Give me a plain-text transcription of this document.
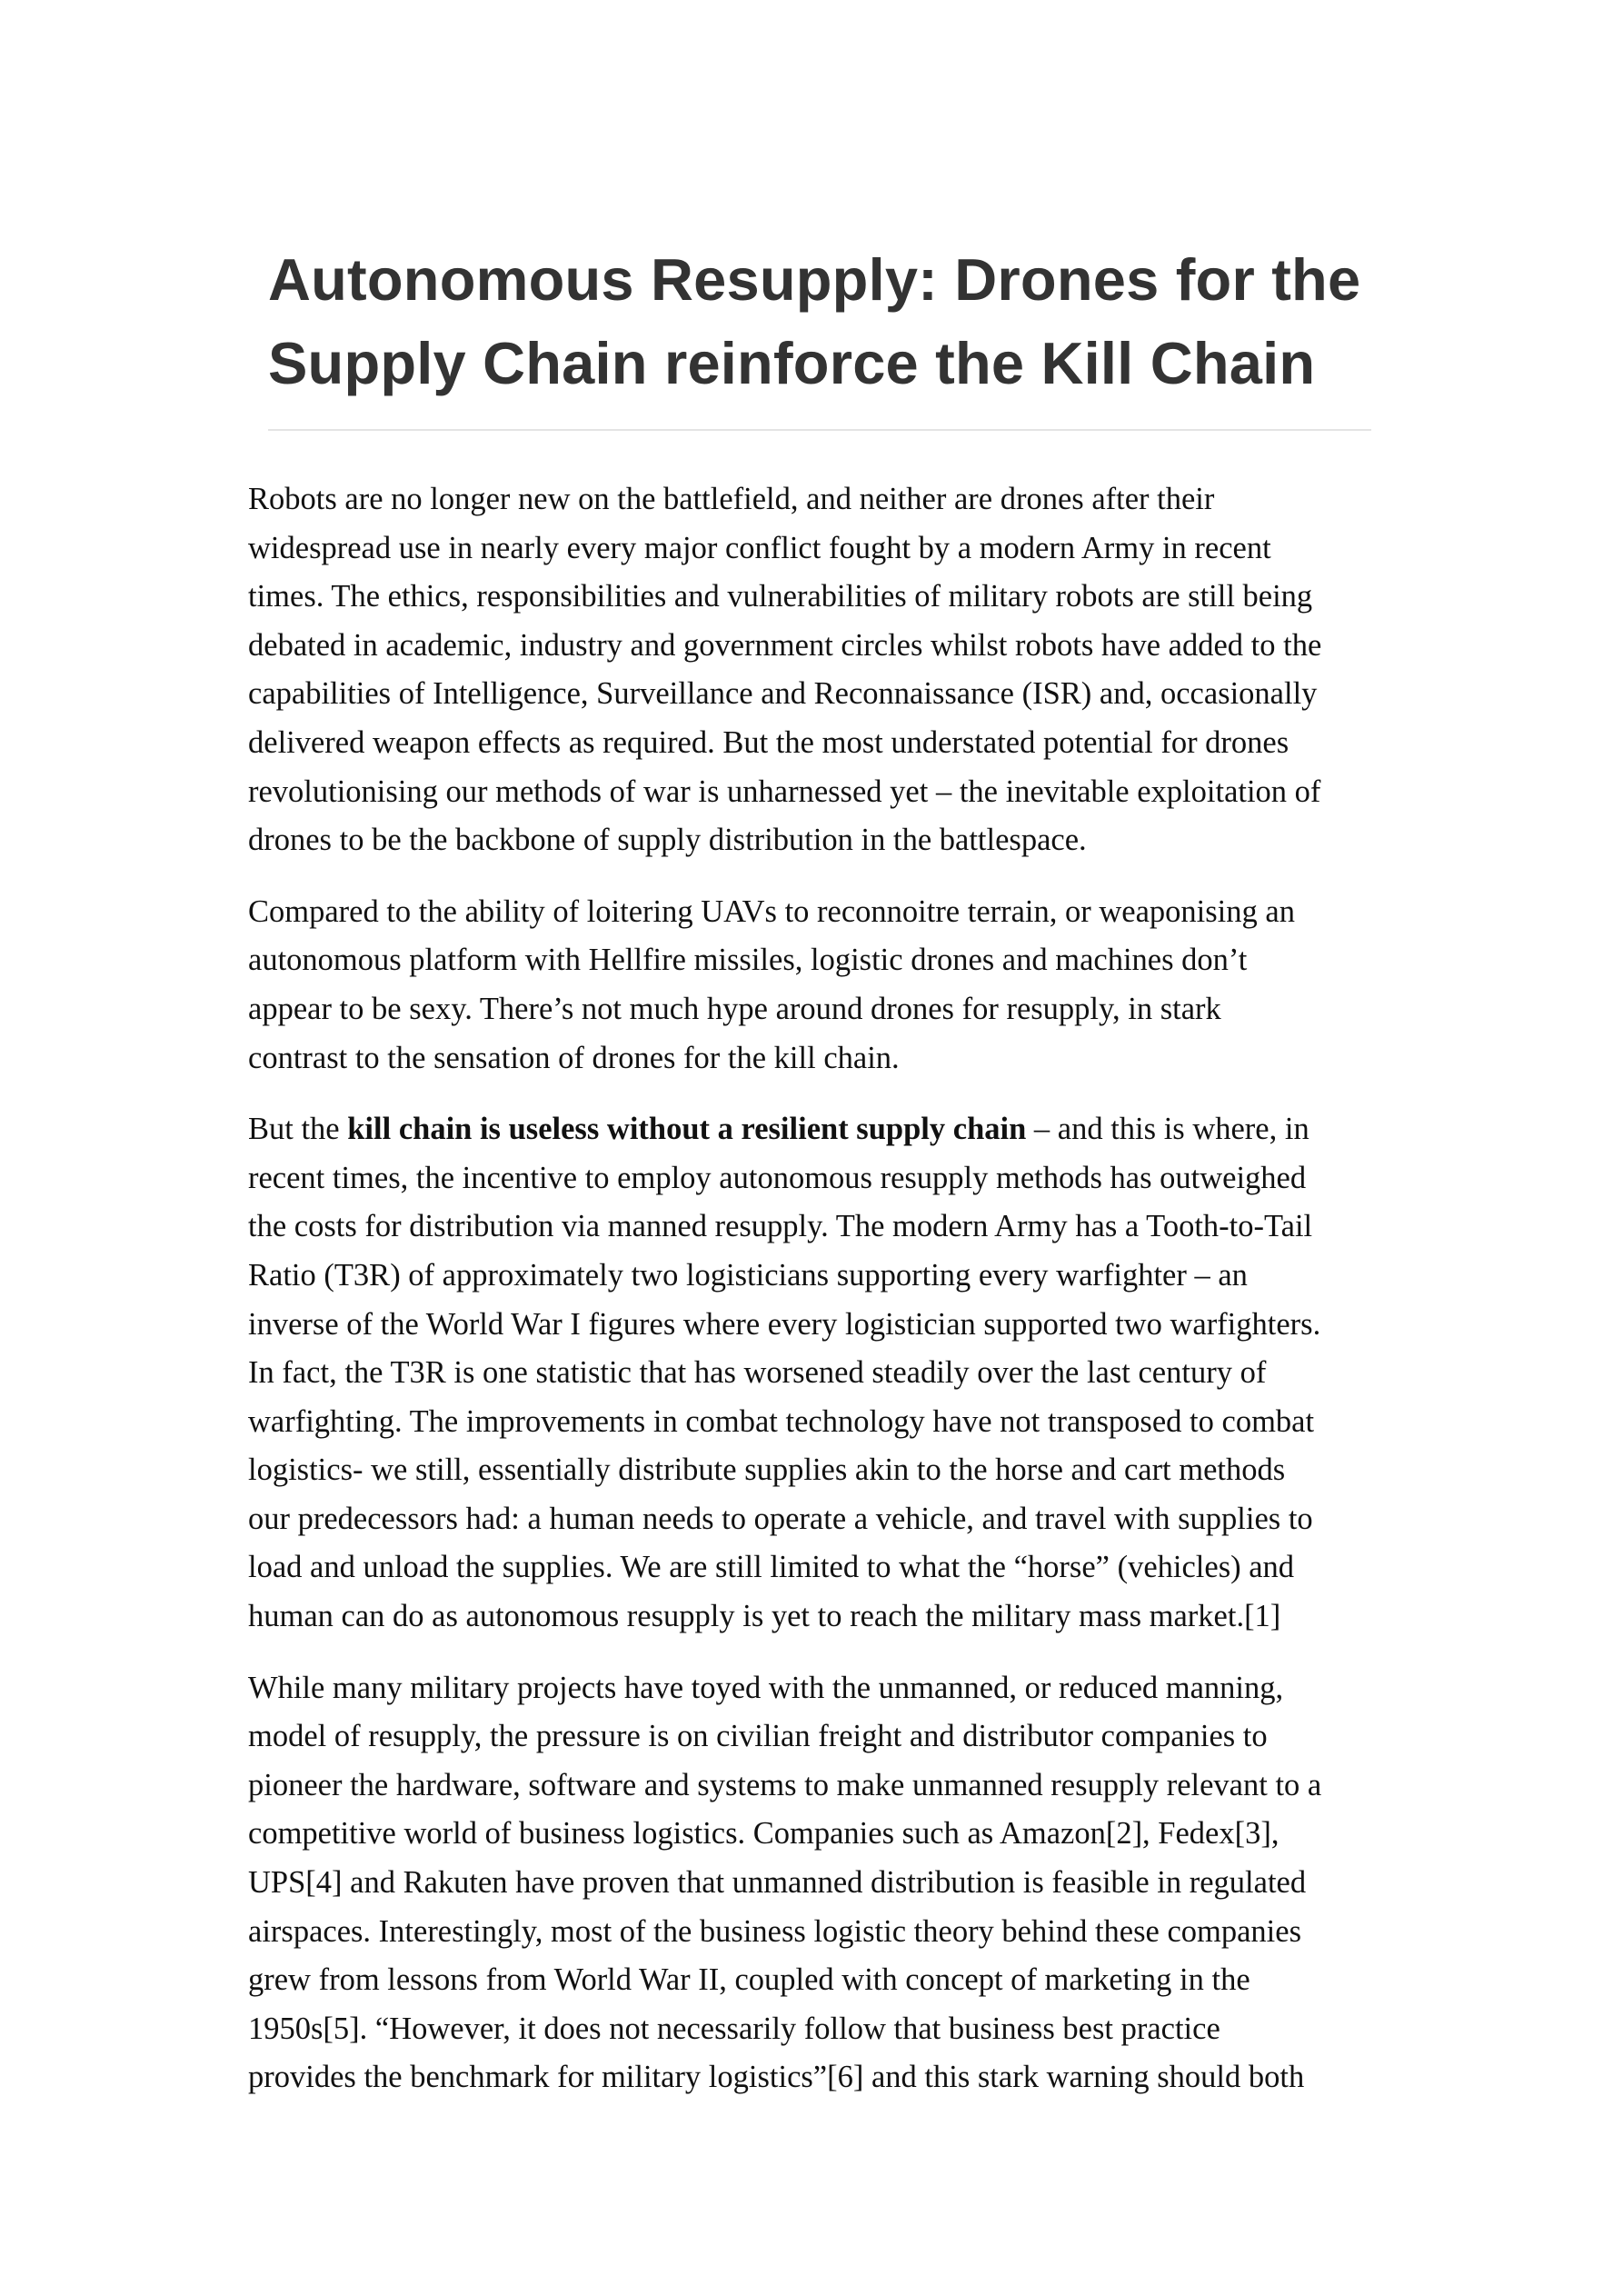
Autonomous Resupply: Drones for the
Supply Chain reinforce the Kill Chain

Robots are no longer new on the battlefield, and neither are drones after their
widespread use in nearly every major conflict fought by a modern Army in recent
times. The ethics, responsibilities and vulnerabilities of military robots are still being
debated in academic, industry and government circles whilst robots have added to the
capabilities of Intelligence, Surveillance and Reconnaissance (ISR) and, occasionally
delivered weapon effects as required. But the most understated potential for drones
revolutionising our methods of war is unharnessed yet – the inevitable exploitation of
drones to be the backbone of supply distribution in the battlespace.

Compared to the ability of loitering UAVs to reconnoitre terrain, or weaponising an
autonomous platform with Hellfire missiles, logistic drones and machines don’t
appear to be sexy. There’s not much hype around drones for resupply, in stark
contrast to the sensation of drones for the kill chain.

But the kill chain is useless without a resilient supply chain – and this is where, in
recent times, the incentive to employ autonomous resupply methods has outweighed
the costs for distribution via manned resupply. The modern Army has a Tooth-to-Tail
Ratio (T3R) of approximately two logisticians supporting every warfighter – an
inverse of the World War I figures where every logistician supported two warfighters.
In fact, the T3R is one statistic that has worsened steadily over the last century of
warfighting. The improvements in combat technology have not transposed to combat
logistics- we still, essentially distribute supplies akin to the horse and cart methods
our predecessors had: a human needs to operate a vehicle, and travel with supplies to
load and unload the supplies. We are still limited to what the “horse” (vehicles) and
human can do as autonomous resupply is yet to reach the military mass market.[1]

While many military projects have toyed with the unmanned, or reduced manning,
model of resupply, the pressure is on civilian freight and distributor companies to
pioneer the hardware, software and systems to make unmanned resupply relevant to a
competitive world of business logistics. Companies such as Amazon[2], Fedex[3],
UPS[4] and Rakuten have proven that unmanned distribution is feasible in regulated
airspaces. Interestingly, most of the business logistic theory behind these companies
grew from lessons from World War II, coupled with concept of marketing in the
1950s[5]. “However, it does not necessarily follow that business best practice
provides the benchmark for military logistics”[6] and this stark warning should both
